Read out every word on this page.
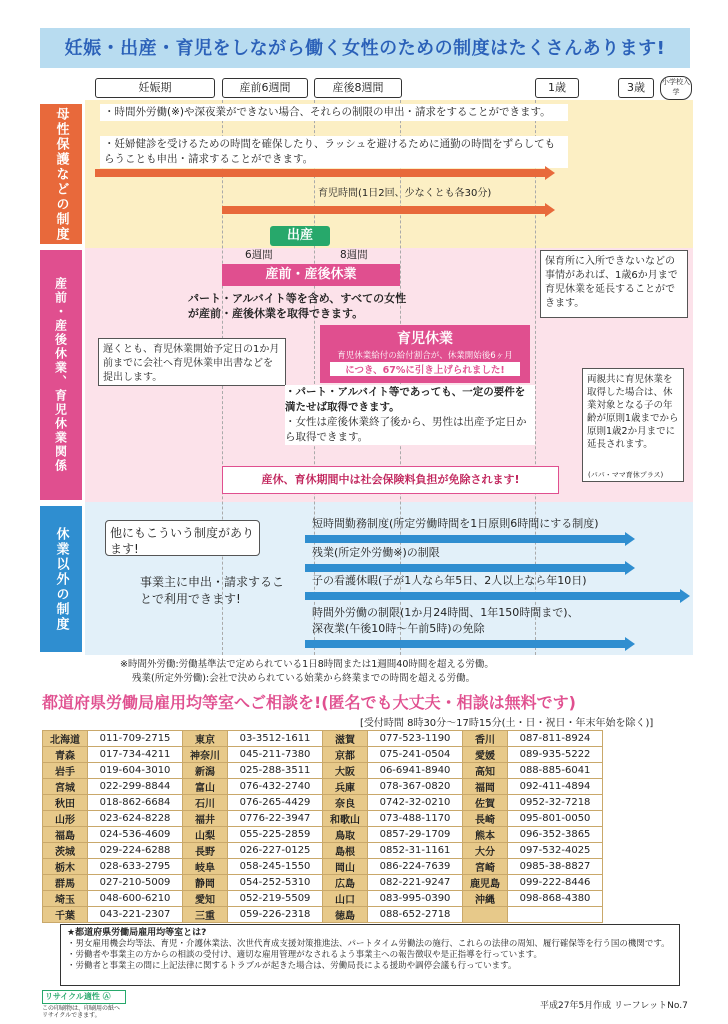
妊娠・出産・育児をしながら働く女性のための制度はたくさんあります!
妊娠期	産前6週間	産後8週間	1歳	3歳	小学校入学
母性保護などの制度
産前・産後休業、育児休業関係
休業以外の制度
・時間外労働(※)や深夜業ができない場合、それらの制限の申出・請求をすることができます。
・妊婦健診を受けるための時間を確保したり、ラッシュを避けるために通勤の時間をずらしてもらうことも申出・請求することができます。
育児時間(1日2回、少なくとも各30分)
出産
6週間	8週間
産前・産後休業
パート・アルバイト等を含め、すべての女性
が産前・産後休業を取得できます。
育児休業
育児休業給付の給付割合が、休業開始後6ヶ月
につき、67%に引き上げられました!
遅くとも、育児休業開始予定日の1か月前までに会社へ育児休業申出書などを提出します。
・パート・アルバイト等であっても、一定の要件を満たせば取得できます。
・女性は産後休業終了後から、男性は出産予定日から取得できます。
保育所に入所できないなどの事情があれば、1歳6か月まで育児休業を延長することができます。
両親共に育児休業を取得した場合は、休業対象となる子の年齢が原則1歳までから原則1歳2か月までに延長されます。
(パパ・ママ育休プラス)
産休、育休期間中は社会保険料負担が免除されます!
他にもこういう制度があります!
事業主に申出・請求することで利用できます!
短時間勤務制度(所定労働時間を1日原則6時間にする制度)
残業(所定外労働※)の制限
子の看護休暇(子が1人なら年5日、2人以上なら年10日)
時間外労働の制限(1か月24時間、1年150時間まで)、
深夜業(午後10時〜午前5時)の免除
※時間外労働:労働基準法で定められている1日8時間または1週間40時間を超える労働。
残業(所定外労働):会社で決められている始業から終業までの時間を超える労働。
都道府県労働局雇用均等室へご相談を!(匿名でも大丈夫・相談は無料です)
[受付時間 8時30分〜17時15分(土・日・祝日・年末年始を除く)]
北海道	011-709-2715	東京	03-3512-1611	滋賀	077-523-1190	香川	087-811-8924
青森	017-734-4211	神奈川	045-211-7380	京都	075-241-0504	愛媛	089-935-5222
岩手	019-604-3010	新潟	025-288-3511	大阪	06-6941-8940	高知	088-885-6041
宮城	022-299-8844	富山	076-432-2740	兵庫	078-367-0820	福岡	092-411-4894
秋田	018-862-6684	石川	076-265-4429	奈良	0742-32-0210	佐賀	0952-32-7218
山形	023-624-8228	福井	0776-22-3947	和歌山	073-488-1170	長崎	095-801-0050
福島	024-536-4609	山梨	055-225-2859	鳥取	0857-29-1709	熊本	096-352-3865
茨城	029-224-6288	長野	026-227-0125	島根	0852-31-1161	大分	097-532-4025
栃木	028-633-2795	岐阜	058-245-1550	岡山	086-224-7639	宮崎	0985-38-8827
群馬	027-210-5009	静岡	054-252-5310	広島	082-221-9247	鹿児島	099-222-8446
埼玉	048-600-6210	愛知	052-219-5509	山口	083-995-0390	沖縄	098-868-4380
千葉	043-221-2307	三重	059-226-2318	徳島	088-652-2718		
★都道府県労働局雇用均等室とは?
・男女雇用機会均等法、育児・介護休業法、次世代育成支援対策推進法、パートタイム労働法の施行、これらの法律の周知、履行確保等を行う国の機関です。
・労働者や事業主の方からの相談の受付け、適切な雇用管理がなされるよう事業主への報告徴収や是正指導を行っています。
・労働者と事業主の間に上記法律に関するトラブルが起きた場合は、労働局長による援助や調停会議も行っています。
リサイクル適性 Ⓐ
この印刷物は、印刷用の紙へリサイクルできます。
平成27年5月作成 リーフレットNo.7
